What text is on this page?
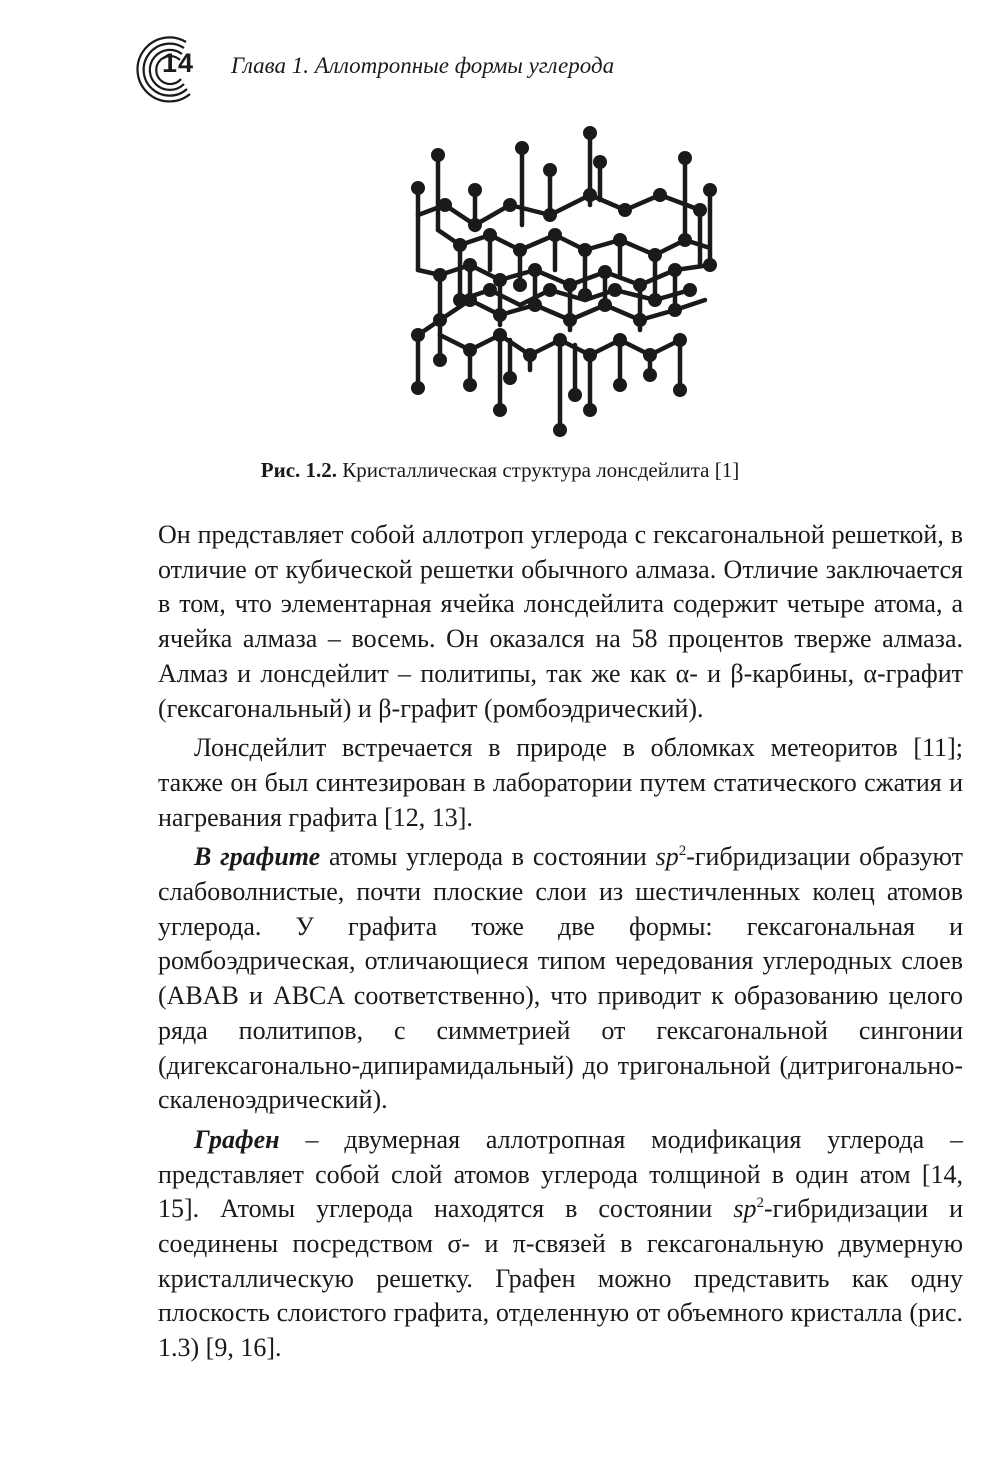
14 Глава 1. Аллотропные формы углерода
Рис. 1.2. Кристаллическая структура лонсдейлита [1]

Он представляет собой аллотроп углерода с гексагональной решеткой, в отличие от кубической решетки обычного алмаза. Отличие заключается в том, что элементарная ячейка лонсдейлита содержит четыре атома, а ячейка алмаза – восемь. Он оказался на 58 процентов тверже алмаза. Алмаз и лонсдейлит – политипы, так же как α- и β-карбины, α-графит (гексагональный) и β-графит (ромбоэдрический).

Лонсдейлит встречается в природе в обломках метеоритов [11]; также он был синтезирован в лаборатории путем статического сжатия и нагревания графита [12, 13].

В графите атомы углерода в состоянии $sp^2$-гибридизации образуют слабоволнистые, почти плоские слои из шестичленных колец атомов углерода. У графита тоже две формы: гексагональная и ромбоэдрическая, отличающиеся типом чередования углеродных слоев (ABAB и ABCA соответственно), что приводит к образованию целого ряда политипов, с симметрией от гексагональной сингонии (дигексагонально-дипирамидальный) до тригональной (дитригонально-скаленоэдрический).

Графен – двумерная аллотропная модификация углерода – представляет собой слой атомов углерода толщиной в один атом [14, 15]. Атомы углерода находятся в состоянии $sp^2$-гибридизации и соединены посредством σ- и π-связей в гексагональную двумерную кристаллическую решетку. Графен можно представить как одну плоскость слоистого графита, отделенную от объемного кристалла (рис. 1.3) [9, 16].
